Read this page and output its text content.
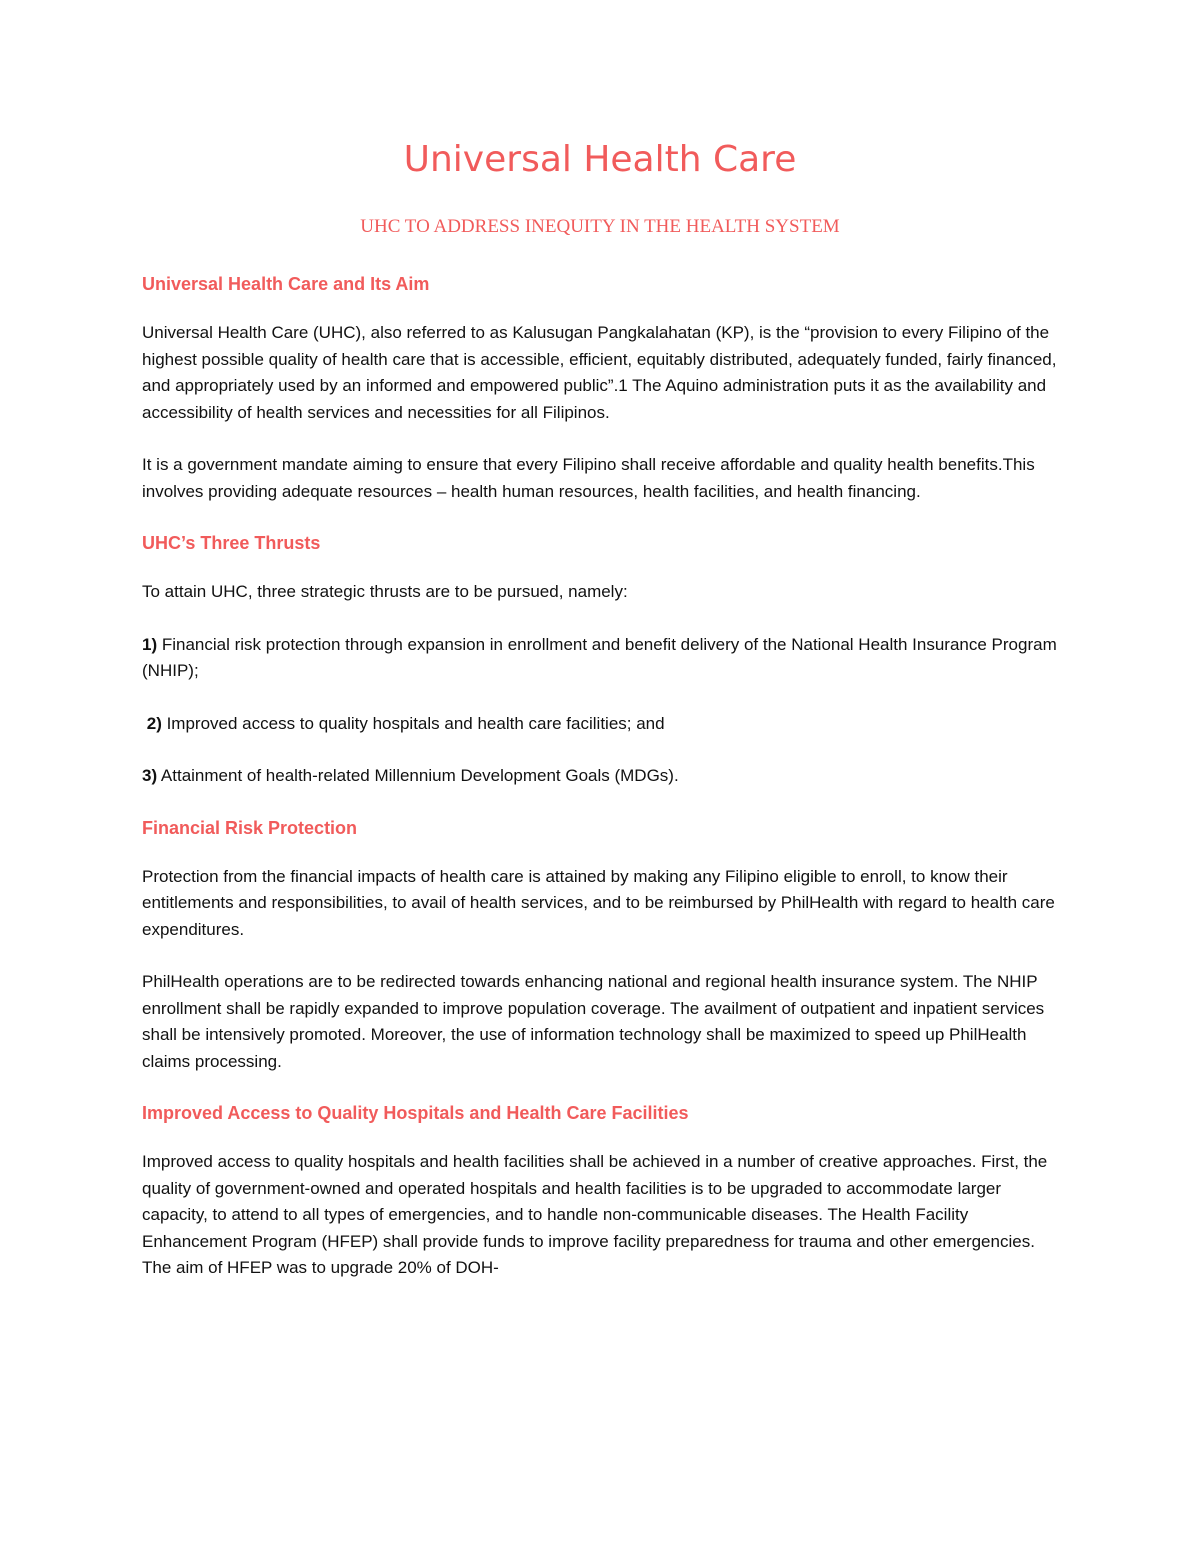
Universal Health Care
UHC TO ADDRESS INEQUITY IN THE HEALTH SYSTEM
Universal Health Care and Its Aim

Universal Health Care (UHC), also referred to as Kalusugan Pangkalahatan (KP), is the “provision to every Filipino of the highest possible quality of health care that is accessible, efficient, equitably distributed, adequately funded, fairly financed, and appropriately used by an informed and empowered public”.1 The Aquino administration puts it as the availability and accessibility of health services and necessities for all Filipinos.

It is a government mandate aiming to ensure that every Filipino shall receive affordable and quality health benefits.This involves providing adequate resources – health human resources, health facilities, and health financing.

UHC’s Three Thrusts

To attain UHC, three strategic thrusts are to be pursued, namely:

1) Financial risk protection through expansion in enrollment and benefit delivery of the National Health Insurance Program (NHIP);

2) Improved access to quality hospitals and health care facilities; and

3) Attainment of health-related Millennium Development Goals (MDGs).

Financial Risk Protection

Protection from the financial impacts of health care is attained by making any Filipino eligible to enroll, to know their entitlements and responsibilities, to avail of health services, and to be reimbursed by PhilHealth with regard to health care expenditures.

PhilHealth operations are to be redirected towards enhancing national and regional health insurance system. The NHIP enrollment shall be rapidly expanded to improve population coverage. The availment of outpatient and inpatient services shall be intensively promoted. Moreover, the use of information technology shall be maximized to speed up PhilHealth claims processing.

Improved Access to Quality Hospitals and Health Care Facilities

Improved access to quality hospitals and health facilities shall be achieved in a number of creative approaches. First, the quality of government-owned and operated hospitals and health facilities is to be upgraded to accommodate larger capacity, to attend to all types of emergencies, and to handle non-communicable diseases. The Health Facility Enhancement Program (HFEP) shall provide funds to improve facility preparedness for trauma and other emergencies. The aim of HFEP was to upgrade 20% of DOH-
